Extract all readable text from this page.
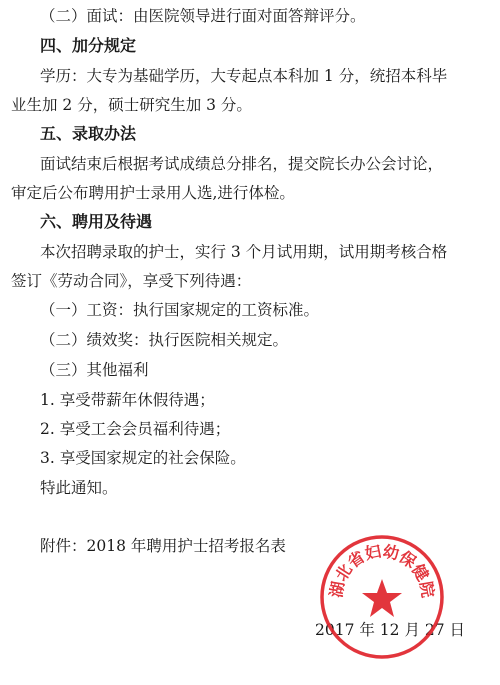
（二）面试：由医院领导进行面对面答辩评分。
四、加分规定
学历：大专为基础学历，大专起点本科加 1 分，统招本科毕
业生加 2 分，硕士研究生加 3 分。
五、录取办法
面试结束后根据考试成绩总分排名，提交院长办公会讨论，
审定后公布聘用护士录用人选,进行体检。
六、聘用及待遇
本次招聘录取的护士，实行 3 个月试用期，试用期考核合格
签订《劳动合同》，享受下列待遇：
（一）工资：执行国家规定的工资标准。
（二）绩效奖：执行医院相关规定。
（三）其他福利
1. 享受带薪年休假待遇；
2. 享受工会会员福利待遇；
3. 享受国家规定的社会保险。
特此通知。
附件：2018 年聘用护士招考报名表
2017 年 12 月 27 日
湖北省妇幼保健院
